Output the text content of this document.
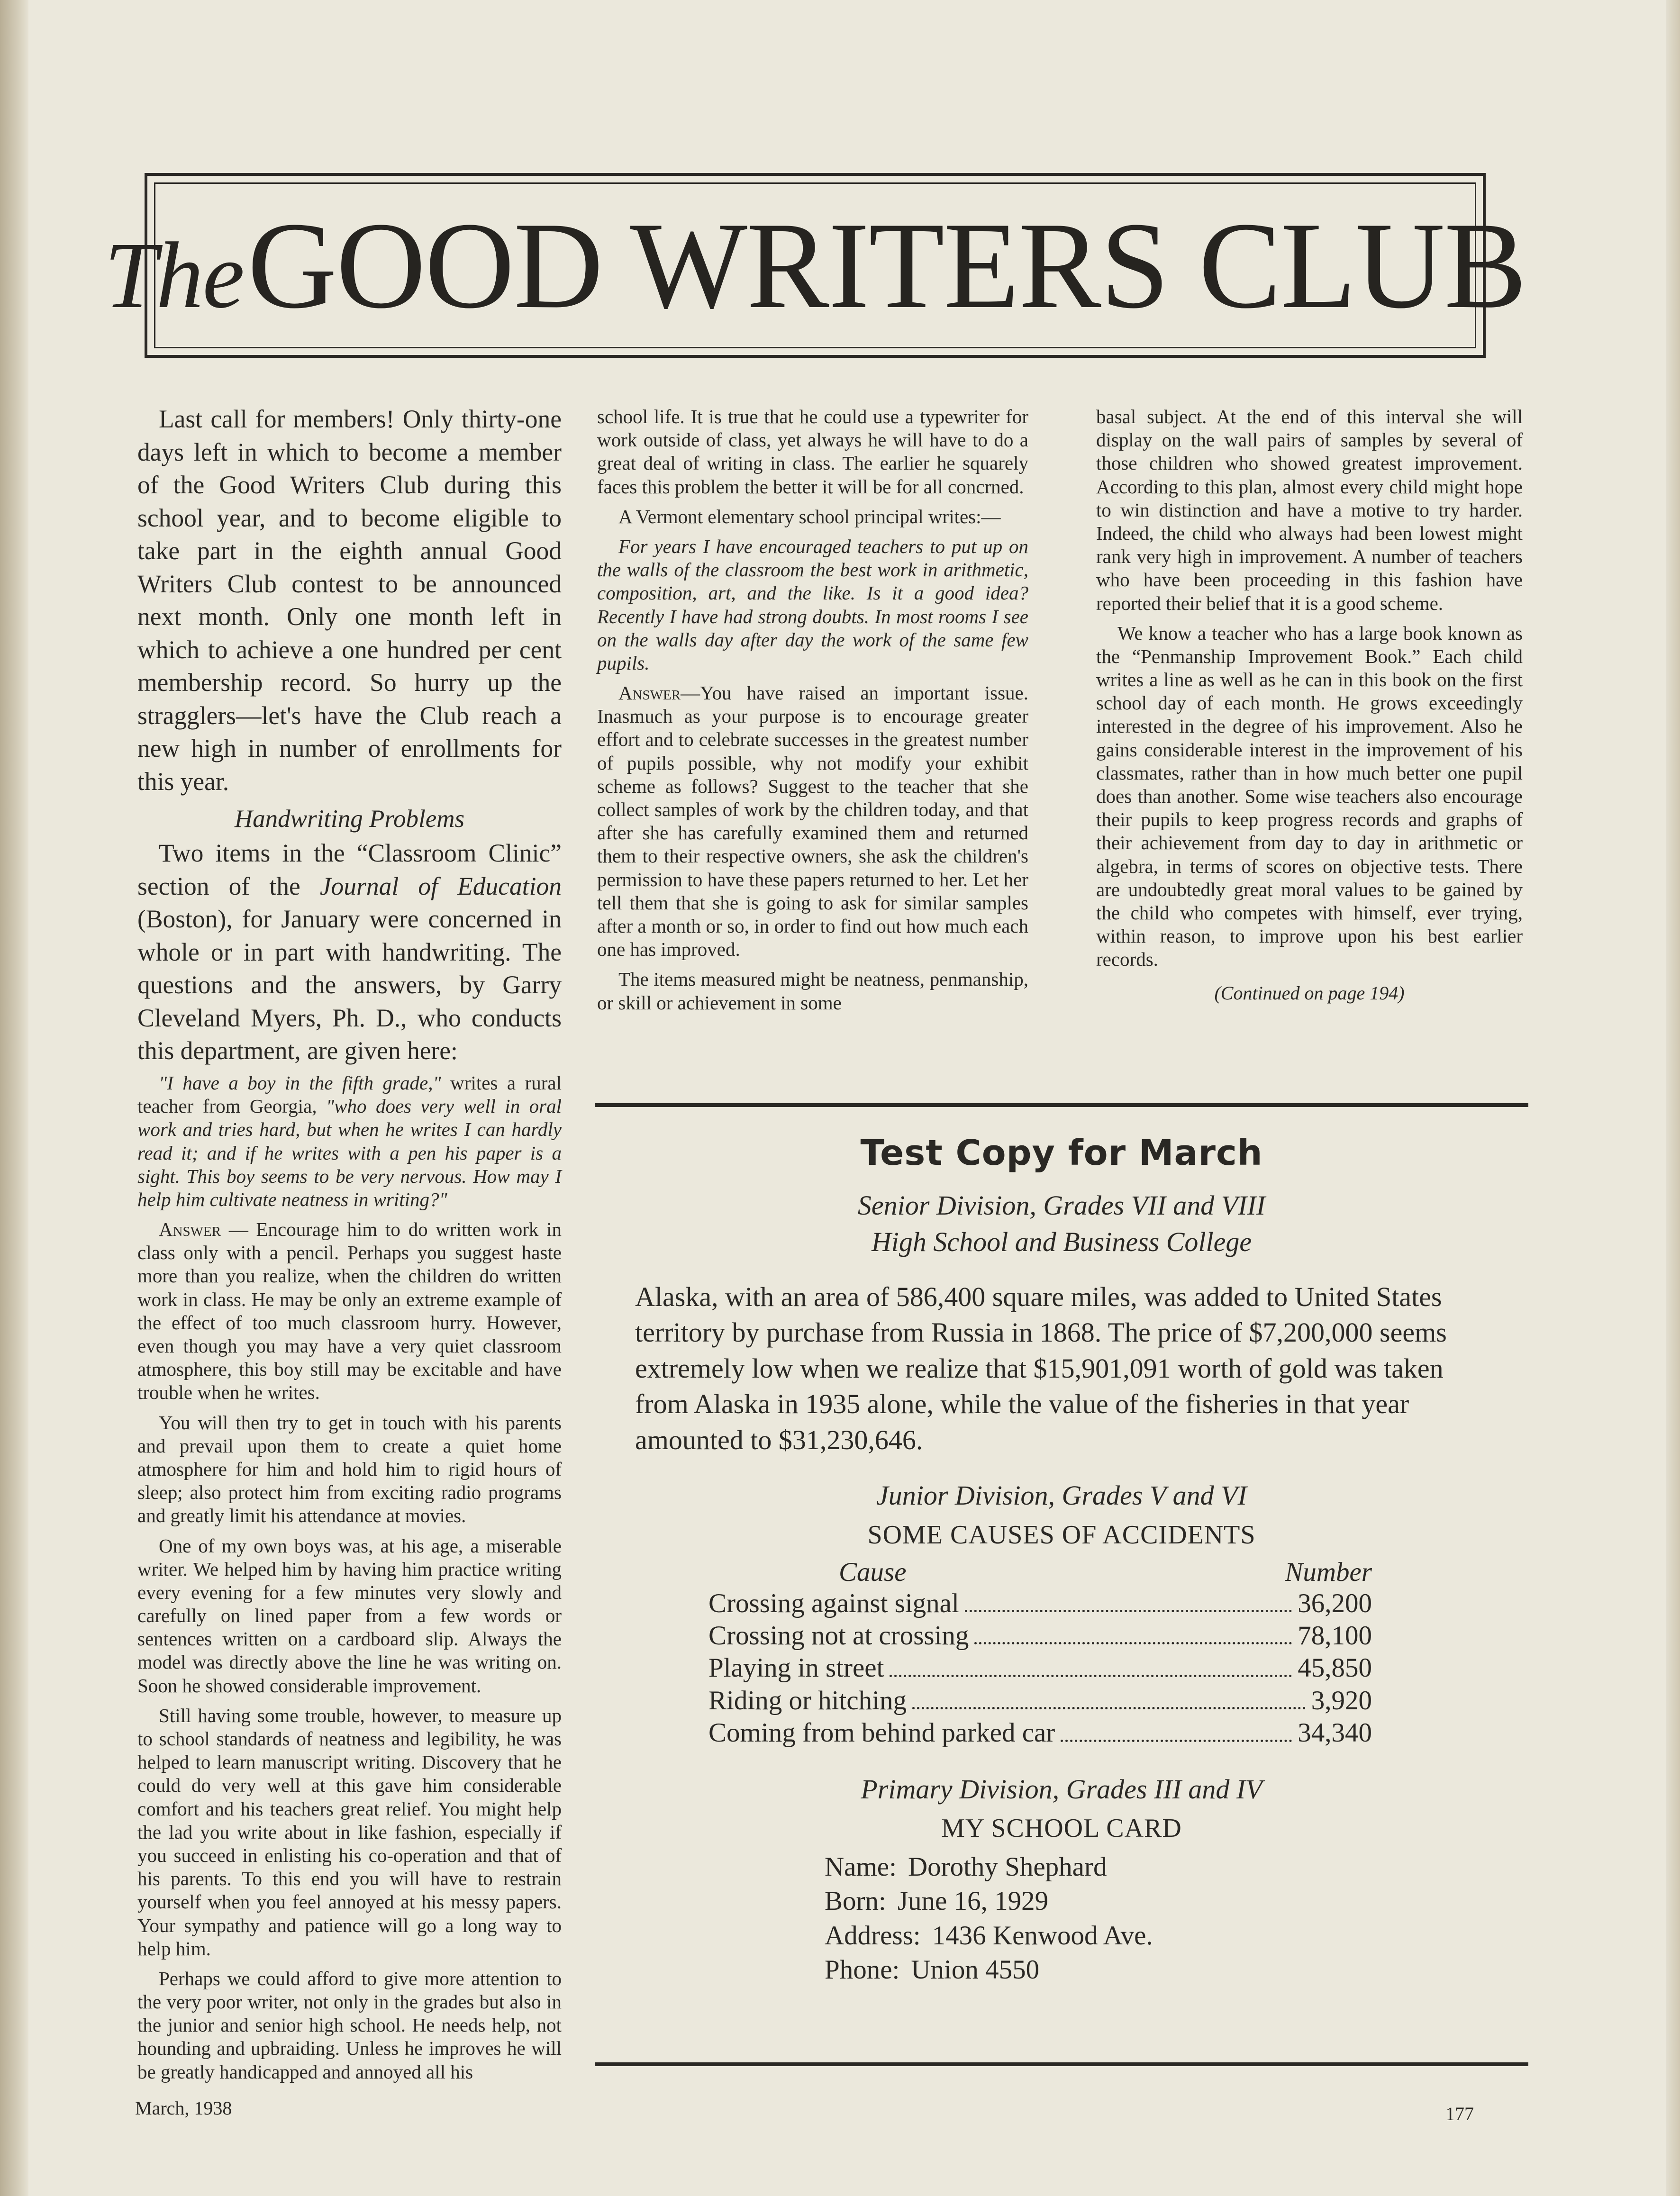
TheGOOD WRITERS CLUB

Last call for members! Only thirty-one days left in which to become a member of the Good Writers Club during this school year, and to become eligible to take part in the eighth annual Good Writers Club contest to be announced next month. Only one month left in which to achieve a one hundred per cent membership record. So hurry up the stragglers—let's have the Club reach a new high in number of enrollments for this year.

Handwriting Problems

Two items in the “Classroom Clinic” section of the Journal of Education (Boston), for January were concerned in whole or in part with handwriting. The questions and the answers, by Garry Cleveland Myers, Ph. D., who conducts this department, are given here:

"I have a boy in the fifth grade," writes a rural teacher from Georgia, "who does very well in oral work and tries hard, but when he writes I can hardly read it; and if he writes with a pen his paper is a sight. This boy seems to be very nervous. How may I help him cultivate neatness in writing?"

Answer — Encourage him to do written work in class only with a pencil. Perhaps you suggest haste more than you realize, when the children do written work in class. He may be only an extreme example of the effect of too much classroom hurry. However, even though you may have a very quiet classroom atmosphere, this boy still may be excitable and have trouble when he writes.

You will then try to get in touch with his parents and prevail upon them to create a quiet home atmosphere for him and hold him to rigid hours of sleep; also protect him from exciting radio programs and greatly limit his attendance at movies.

One of my own boys was, at his age, a miserable writer. We helped him by having him practice writing every evening for a few minutes very slowly and carefully on lined paper from a few words or sentences written on a cardboard slip. Always the model was directly above the line he was writing on. Soon he showed considerable improvement.

Still having some trouble, however, to measure up to school standards of neatness and legibility, he was helped to learn manuscript writing. Discovery that he could do very well at this gave him considerable comfort and his teachers great relief. You might help the lad you write about in like fashion, especially if you succeed in enlisting his co-operation and that of his parents. To this end you will have to restrain yourself when you feel annoyed at his messy papers. Your sympathy and patience will go a long way to help him.

Perhaps we could afford to give more attention to the very poor writer, not only in the grades but also in the junior and senior high school. He needs help, not hounding and upbraiding. Unless he improves he will be greatly handicapped and annoyed all his

school life. It is true that he could use a typewriter for work outside of class, yet always he will have to do a great deal of writing in class. The earlier he squarely faces this problem the better it will be for all concrned.

A Vermont elementary school principal writes:—

For years I have encouraged teachers to put up on the walls of the classroom the best work in arithmetic, composition, art, and the like. Is it a good idea? Recently I have had strong doubts. In most rooms I see on the walls day after day the work of the same few pupils.

Answer—You have raised an important issue. Inasmuch as your purpose is to encourage greater effort and to celebrate successes in the greatest number of pupils possible, why not modify your exhibit scheme as follows? Suggest to the teacher that she collect samples of work by the children today, and that after she has carefully examined them and returned them to their respective owners, she ask the children's permission to have these papers returned to her. Let her tell them that she is going to ask for similar samples after a month or so, in order to find out how much each one has improved.

The items measured might be neatness, penmanship, or skill or achievement in some

basal subject. At the end of this interval she will display on the wall pairs of samples by several of those children who showed greatest improvement. According to this plan, almost every child might hope to win distinction and have a motive to try harder. Indeed, the child who always had been lowest might rank very high in improvement. A number of teachers who have been proceeding in this fashion have reported their belief that it is a good scheme.

We know a teacher who has a large book known as the “Penmanship Improvement Book.” Each child writes a line as well as he can in this book on the first school day of each month. He grows exceedingly interested in the degree of his improvement. Also he gains considerable interest in the improvement of his classmates, rather than in how much better one pupil does than another. Some wise teachers also encourage their pupils to keep progress records and graphs of their achievement from day to day in arithmetic or algebra, in terms of scores on objective tests. There are undoubtedly great moral values to be gained by the child who competes with himself, ever trying, within reason, to improve upon his best earlier records.

(Continued on page 194)
Test Copy for March
Senior Division, Grades VII and VIII
High School and Business College
Alaska, with an area of 586,400 square miles, was added to United States territory by purchase from Russia in 1868. The price of $7,200,000 seems extremely low when we realize that $15,901,091 worth of gold was taken from Alaska in 1935 alone, while the value of the fisheries in that year amounted to $31,230,646.
Junior Division, Grades V and VI
SOME CAUSES OF ACCIDENTS
Cause	Number
Crossing against signal	36,200
Crossing not at crossing	78,100
Playing in street	45,850
Riding or hitching	3,920
Coming from behind parked car	34,340
Primary Division, Grades III and IV
MY SCHOOL CARD
Name: Dorothy Shephard
Born: June 16, 1929
Address: 1436 Kenwood Ave.
Phone: Union 4550
March, 1938	177
